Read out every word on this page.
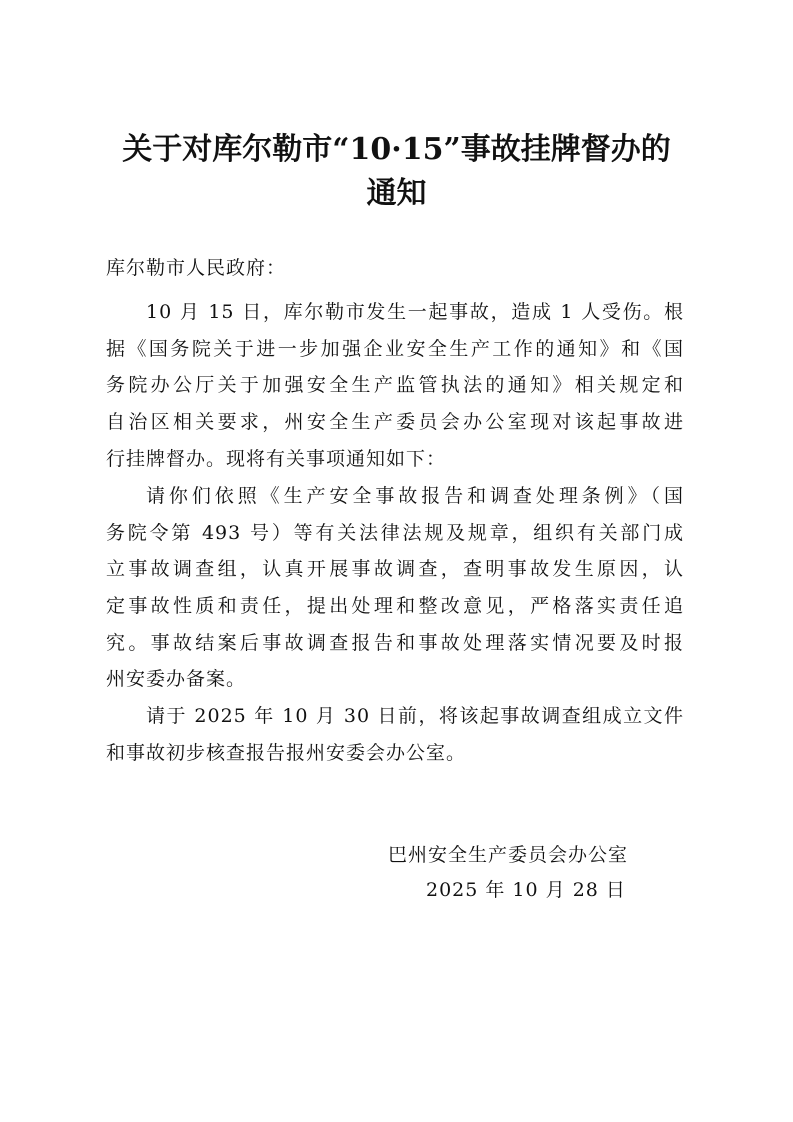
关于对库尔勒市“10·15”事故挂牌督办的
通知
库尔勒市人民政府：
10 月 15 日，库尔勒市发生一起事故，造成 1 人受伤。根
据《国务院关于进一步加强企业安全生产工作的通知》和《国
务院办公厅关于加强安全生产监管执法的通知》相关规定和
自治区相关要求，州安全生产委员会办公室现对该起事故进
行挂牌督办。现将有关事项通知如下：
请你们依照《生产安全事故报告和调查处理条例》（国
务院令第 493 号）等有关法律法规及规章，组织有关部门成
立事故调查组，认真开展事故调查，查明事故发生原因，认
定事故性质和责任，提出处理和整改意见，严格落实责任追
究。事故结案后事故调查报告和事故处理落实情况要及时报
州安委办备案。
请于 2025 年 10 月 30 日前，将该起事故调查组成立文件
和事故初步核查报告报州安委会办公室。
巴州安全生产委员会办公室
2025 年 10 月 28 日
